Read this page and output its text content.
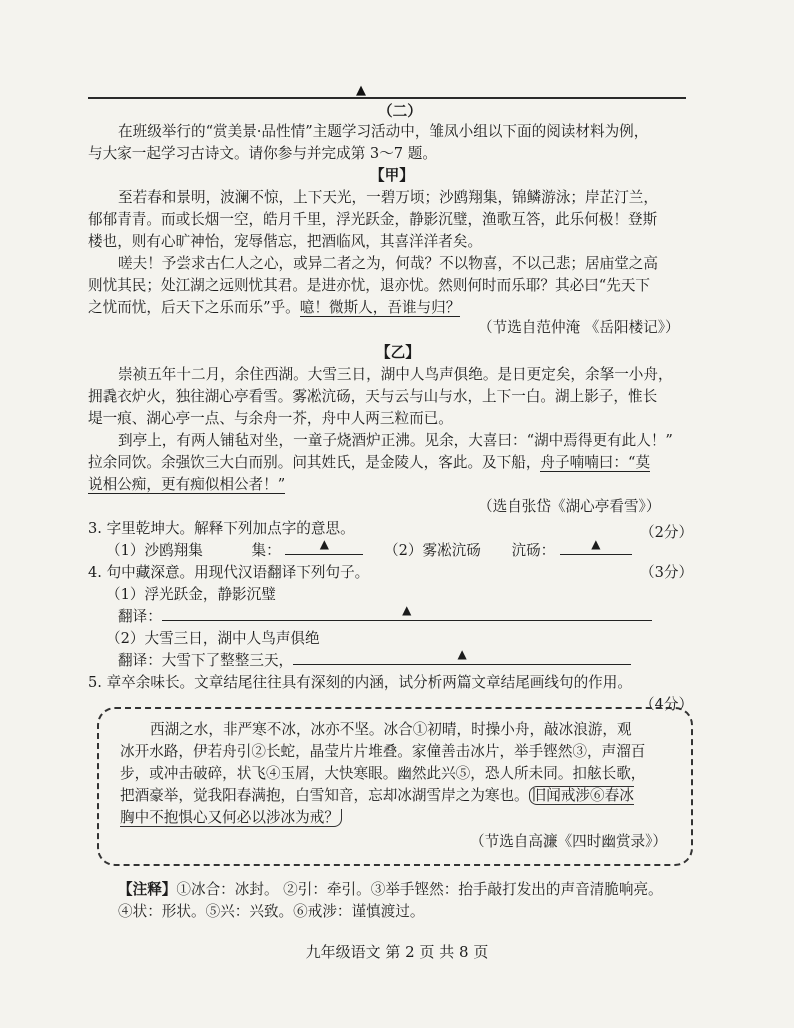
▲
（二）
在班级举行的“赏美景·品性情”主题学习活动中，雏凤小组以下面的阅读材料为例，
与大家一起学习古诗文。请你参与并完成第 3～7 题。
【甲】
至若春和景明，波澜不惊，上下天光，一碧万顷；沙鸥翔集，锦鳞游泳；岸芷汀兰，
郁郁青青。而或长烟一空，皓月千里，浮光跃金，静影沉璧，渔歌互答，此乐何极！登斯
楼也，则有心旷神怡，宠辱偕忘，把酒临风，其喜洋洋者矣。
嗟夫！予尝求古仁人之心，或异二者之为，何哉？不以物喜，不以己悲；居庙堂之高
则忧其民；处江湖之远则忧其君。是进亦忧，退亦忧。然则何时而乐耶？其必曰“先天下
之忧而忧，后天下之乐而乐”乎。噫！微斯人，吾谁与归？
（节选自范仲淹 《岳阳楼记》）
【乙】
崇祯五年十二月，余住西湖。大雪三日，湖中人鸟声俱绝。是日更定矣，余拏一小舟，
拥毳衣炉火，独往湖心亭看雪。雾凇沆砀，天与云与山与水，上下一白。湖上影子，惟长
堤一痕、湖心亭一点、与余舟一芥，舟中人两三粒而已。
到亭上，有两人铺毡对坐，一童子烧酒炉正沸。见余，大喜曰：“湖中焉得更有此人！”
拉余同饮。余强饮三大白而别。问其姓氏，是金陵人，客此。及下船，舟子喃喃曰：“莫
说相公痴，更有痴似相公者！”
（选自张岱《湖心亭看雪》）
3. 字里乾坤大。解释下列加点字的意思。	（2分）
（1）沙鸥翔集	集：	▲	（2）雾凇沆砀 沆砀：	▲
4. 句中藏深意。用现代汉语翻译下列句子。	（3分）
（1）浮光跃金，静影沉璧
翻译：	▲
（2）大雪三日，湖中人鸟声俱绝
翻译：大雪下了整整三天，	▲
5. 章卒余味长。文章结尾往往具有深刻的内涵，试分析两篇文章结尾画线句的作用。
（4分）
西湖之水，非严寒不冰，冰亦不坚。冰合①初晴，时操小舟，敲冰浪游，观
冰开水路，伊若舟引②长蛇，晶莹片片堆叠。家僮善击冰片，举手铿然③，声溜百
步，或冲击破碎，状飞④玉屑，大快寒眼。幽然此兴⑤，恐人所未同。扣舷长歌，
把酒豪举，觉我阳春满抱，白雪知音，忘却冰湖雪岸之为寒也。 旧闻戒涉⑥春冰
胸中不抱惧心又何必以涉冰为戒？
（节选自高濂《四时幽赏录》）
【注释】①冰合：冰封。 ②引：牵引。③举手铿然：抬手敲打发出的声音清脆响亮。
④状：形状。⑤兴：兴致。⑥戒涉：谨慎渡过。
九年级语文 第 2 页 共 8 页
